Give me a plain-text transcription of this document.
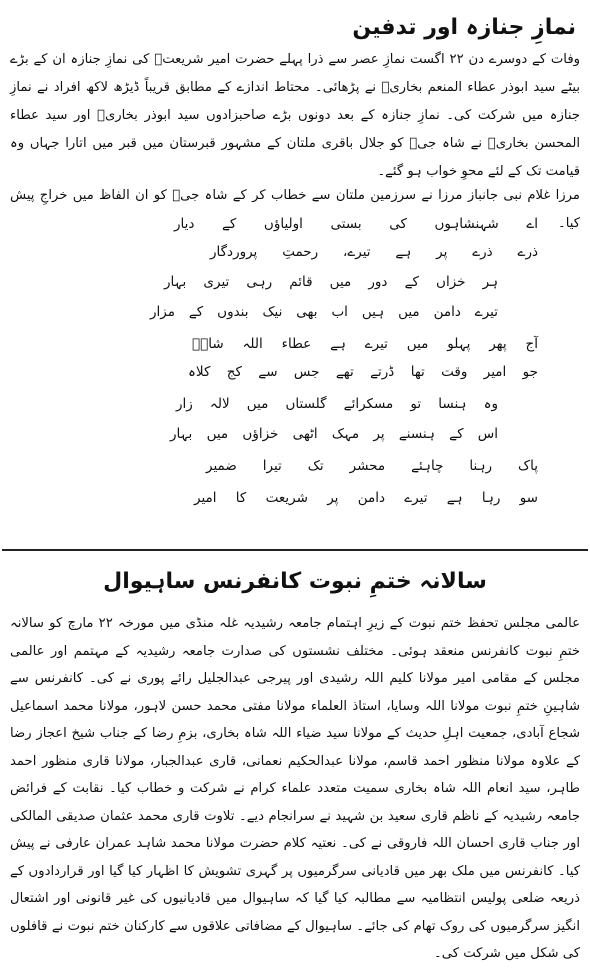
نمازِ جنازہ اور تدفین
وفات کے دوسرے دن ۲۲ اگست نمازِ عصر سے ذرا پہلے حضرت امیر شریعتؒ کی نمازِ جنازہ ان کے بڑے بیٹے سید ابوذر عطاء المنعم بخاریؒ نے پڑھائی۔ محتاط اندازے کے مطابق قریباً ڈیڑھ لاکھ افراد نے نمازِ جنازہ میں شرکت کی۔ نمازِ جنازہ کے بعد دونوں بڑے صاحبزادوں سید ابوذر بخاریؒ اور سید عطاء المحسن بخاریؒ نے شاہ جیؒ کو جلال باقری ملتان کے مشہور قبرستان میں قبر میں اتارا جہاں وہ قیامت تک کے لئے محوِ خواب ہو گئے۔
مرزا غلام نبی جانباز مرزا نے سرزمین ملتان سے خطاب کر کے شاہ جیؒ کو ان الفاظ میں خراجِ پیش کیا۔
اے شہنشاہوں کی بستی اولیاؤں کے دیار
ذرے ذرے پر ہے تیرے، رحمتِ پروردگار
ہر خزاں کے دور میں قائم رہی تیری بہار
تیرے دامن میں ہیں اب بھی نیک بندوں کے مزار
آج پھر پہلو میں تیرے ہے عطاء اللہ شاہؒ
جو امیر وقت تھا ڈرتے تھے جس سے کج کلاہ
وہ ہنسا تو مسکرائے گلستاں میں لالہ زار
اس کے ہنسنے پر مہک اٹھی خزاؤں میں بہار
پاک رہنا چاہئے محشر تک تیرا ضمیر
سو رہا ہے تیرے دامن پر شریعت کا امیر
سالانہ ختمِ نبوت کانفرنس ساہیوال
عالمی مجلس تحفظ ختم نبوت کے زیرِ اہتمام جامعہ رشیدیہ غلہ منڈی میں مورخہ ۲۲ مارچ کو سالانہ ختمِ نبوت کانفرنس منعقد ہوئی۔ مختلف نشستوں کی صدارت جامعہ رشیدیہ کے مہتمم اور عالمی مجلس کے مقامی امیر مولانا کلیم اللہ رشیدی اور پیرجی عبدالجلیل رائے پوری نے کی۔ کانفرنس سے شاہینِ ختمِ نبوت مولانا اللہ وسایا، استاذ العلماء مولانا مفتی محمد حسن لاہور، مولانا محمد اسماعیل شجاع آبادی، جمعیت اہلِ حدیث کے مولانا سید ضیاء اللہ شاہ بخاری، بزمِ رضا کے جناب شیخ اعجاز رضا کے علاوہ مولانا منظور احمد قاسم، مولانا عبدالحکیم نعمانی، قاری عبدالجبار، مولانا قاری منظور احمد طاہر، سید انعام اللہ شاہ بخاری سمیت متعدد علماء کرام نے شرکت و خطاب کیا۔ نقابت کے فرائض جامعہ رشیدیہ کے ناظم قاری سعید بن شہید نے سرانجام دیے۔ تلاوت قاری محمد عثمان صدیقی المالکی اور جناب قاری احسان اللہ فاروقی نے کی۔ نعتیہ کلام حضرت مولانا محمد شاہد عمران عارفی نے پیش کیا۔ کانفرنس میں ملک بھر میں قادیانی سرگرمیوں پر گہری تشویش کا اظہار کیا گیا اور قراردادوں کے ذریعہ ضلعی پولیس انتظامیہ سے مطالبہ کیا گیا کہ ساہیوال میں قادیانیوں کی غیر قانونی اور اشتعال انگیز سرگرمیوں کی روک تھام کی جائے۔ ساہیوال کے مضافاتی علاقوں سے کارکنان ختم نبوت نے قافلوں کی شکل میں شرکت کی۔
